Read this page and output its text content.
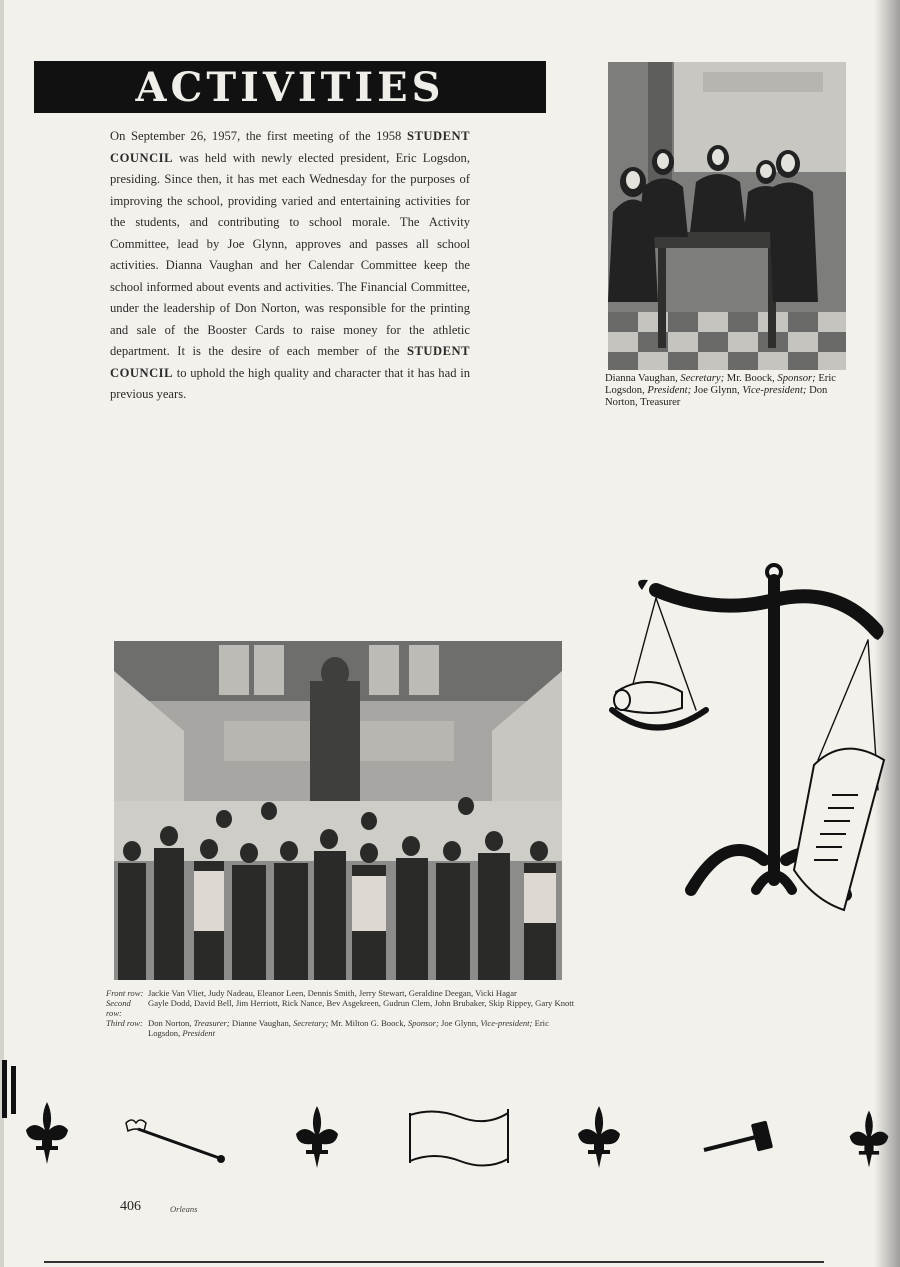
ACTIVITIES
On September 26, 1957, the first meeting of the 1958 STUDENT COUNCIL was held with newly elected president, Eric Logsdon, presiding. Since then, it has met each Wednesday for the purposes of improving the school, providing varied and entertaining activities for the students, and contributing to school morale. The Activity Committee, lead by Joe Glynn, approves and passes all school activities. Dianna Vaughan and her Calendar Committee keep the school informed about events and activities. The Financial Committee, under the leadership of Don Norton, was responsible for the printing and sale of the Booster Cards to raise money for the athletic department. It is the desire of each member of the STUDENT COUNCIL to uphold the high quality and character that it has had in previous years.
Dianna Vaughan, Secretary; Mr. Boock, Sponsor; Eric Logsdon, President; Joe Glynn, Vice-president; Don Norton, Treasurer
Front row: Jackie Van Vliet, Judy Nadeau, Eleanor Leen, Dennis Smith, Jerry Stewart, Geraldine Deegan, Vicki Hagar
Second row:
Gayle Dodd, David Bell, Jim Herriott, Rick Nance, Bev Asgekreen, Gudrun Clem, John Brubaker, Skip Rippey, Gary Knott
Third row: Don Norton, Treasurer; Dianne Vaughan, Secretary; Mr. Milton G. Boock, Sponsor; Joe Glynn, Vice-president; Eric Logsdon, President
406	Orleans
